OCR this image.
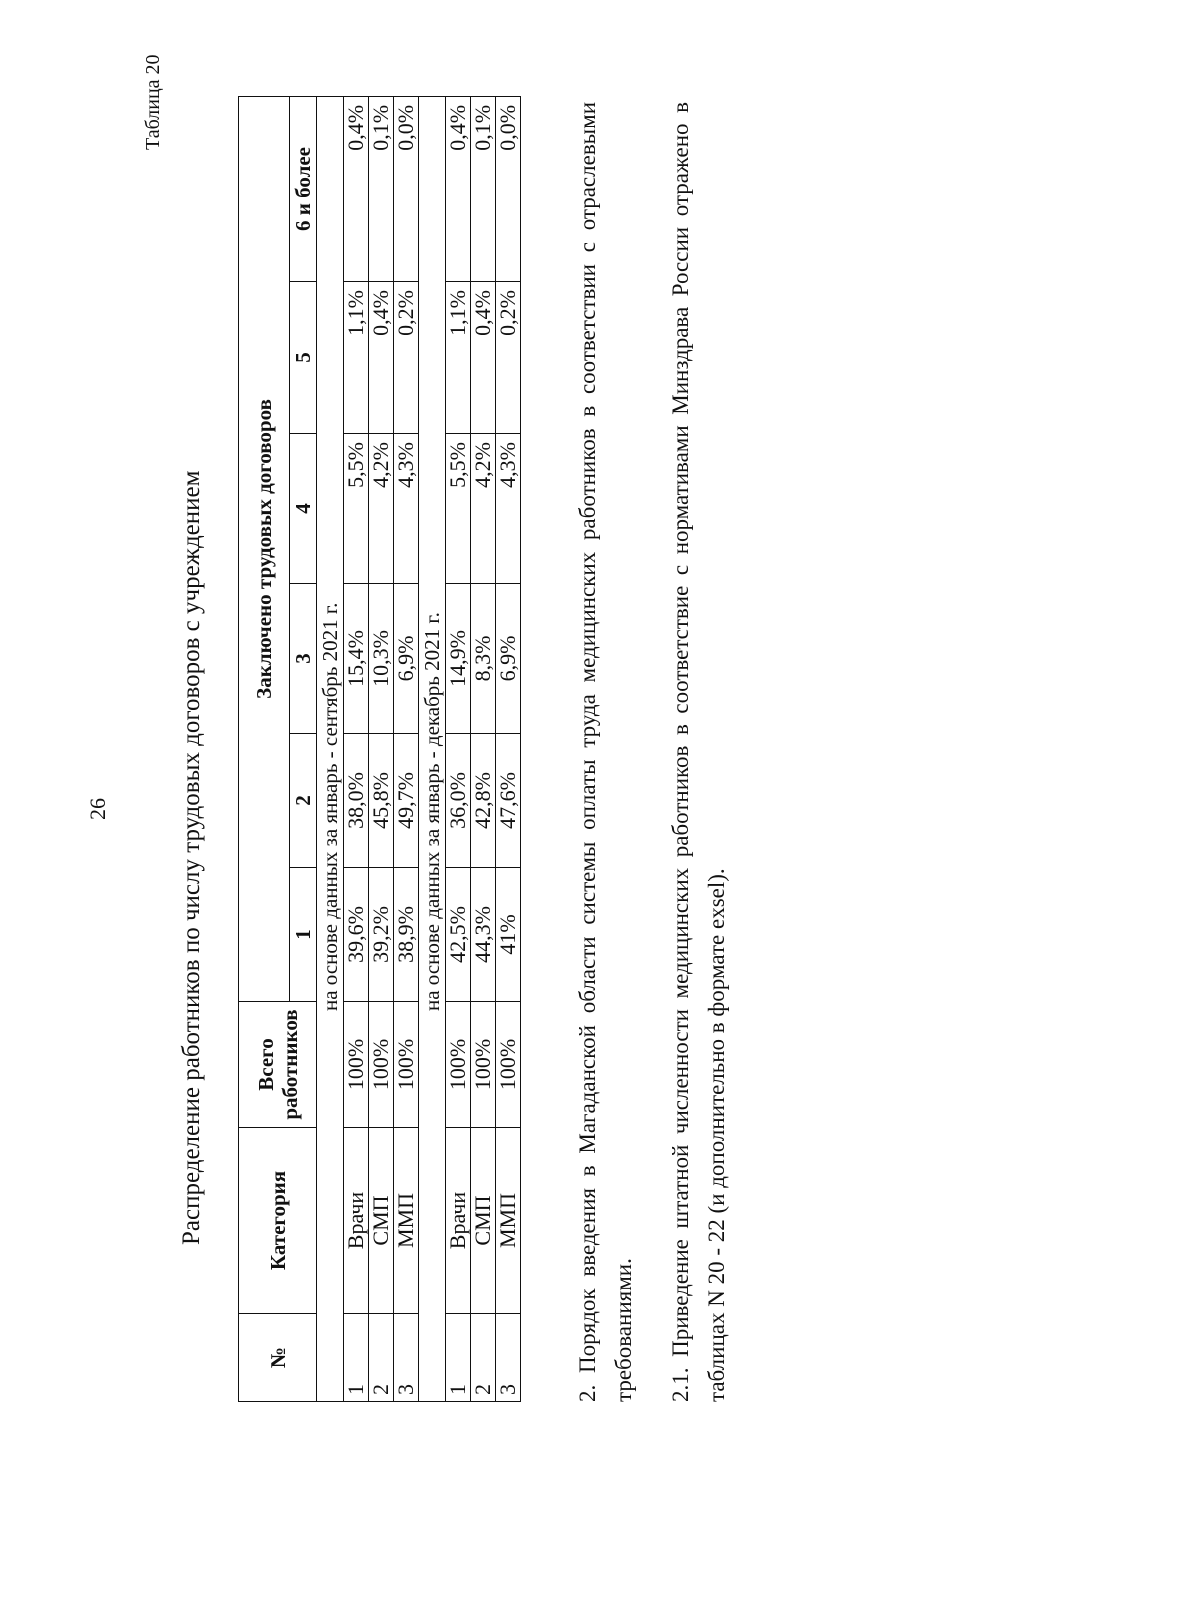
26
Таблица 20
Распределение работников по числу трудовых договоров с учреждением
№	Категория	Всего работников	Заключено трудовых договоров					
			1	2	3	4	5	6 и более
на основе данных за январь - сентябрь 2021 г.								
1	Врачи	100%	39,6%	38,0%	15,4%	5,5%	1,1%	0,4%
2	СМП	100%	39,2%	45,8%	10,3%	4,2%	0,4%	0,1%
3	ММП	100%	38,9%	49,7%	6,9%	4,3%	0,2%	0,0%
на основе данных за январь - декабрь 2021 г.								
1	Врачи	100%	42,5%	36,0%	14,9%	5,5%	1,1%	0,4%
2	СМП	100%	44,3%	42,8%	8,3%	4,2%	0,4%	0,1%
3	ММП	100%	41%	47,6%	6,9%	4,3%	0,2%	0,0% 2. Порядок введения в Магаданской области системы оплаты труда медицинских работников в соответствии с отраслевыми требованиями. 2.1. Приведение штатной численности медицинских работников в соответствие с нормативами Минздрава России отражено в таблицах N 20 - 22 (и дополнительно в формате exsel).
